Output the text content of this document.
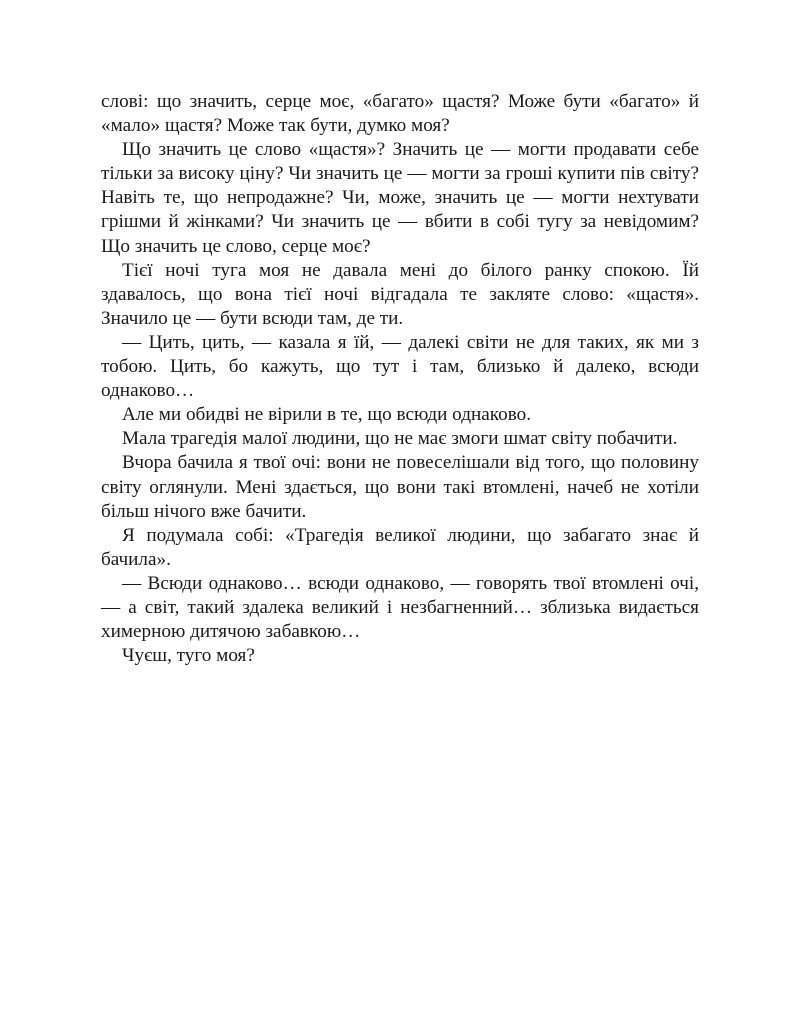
слові: що значить, серце моє, «багато» щастя? Може бути «багато» й «мало» щастя? Може так бути, думко моя?

Що значить це слово «щастя»? Значить це — могти продавати себе тільки за високу ціну? Чи значить це — могти за гроші купити пів світу? Навіть те, що непродажне? Чи, може, значить це — могти нехтувати грішми й жінками? Чи значить це — вбити в собі тугу за невідомим? Що значить це слово, серце моє?

Тієї ночі туга моя не давала мені до білого ранку спокою. Їй здавалось, що вона тієї ночі відгадала те закляте слово: «щастя». Значило це — бути всюди там, де ти.

— Цить, цить, — казала я їй, — далекі світи не для таких, як ми з тобою. Цить, бо кажуть, що тут і там, близько й далеко, всюди однаково…

Але ми обидві не вірили в те, що всюди однаково.

Мала трагедія малої людини, що не має змоги шмат світу побачити.

Вчора бачила я твої очі: вони не повеселішали від того, що половину світу оглянули. Мені здається, що вони такі втомлені, начеб не хотіли більш нічого вже бачити.

Я подумала собі: «Трагедія великої людини, що забагато знає й бачила».

— Всюди однаково… всюди однаково, — говорять твої втомлені очі, — а світ, такий здалека великий і незбагненний… зблизька видається химерною дитячою забавкою…

Чуєш, туго моя?
